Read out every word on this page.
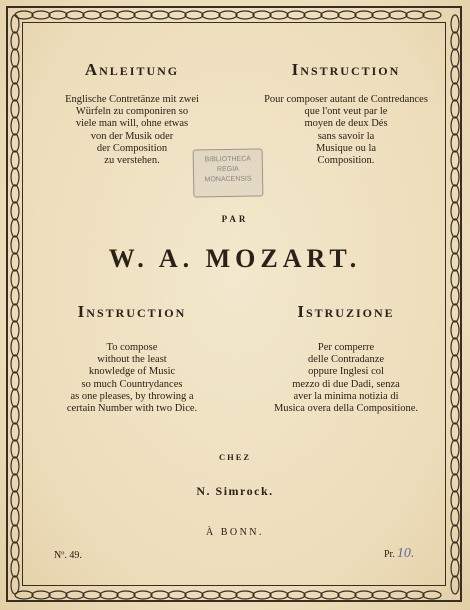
Anleitung
Englische Contretänze mit zwei
Würfeln zu componiren so
viele man will, ohne etwas
von der Musik oder
der Composition
zu verstehen.
Instruction
Pour composer autant de Contredances
que l'ont veut par le
moyen de deux Dés
sans savoir la
Musique ou la
Composition.
BIBLIOTHECA
REGIA
MONACENSIS
PAR
W. A. MOZART.
Instruction
To compose
without the least
knowledge of Music
so much Countrydances
as one pleases, by throwing a
certain Number with two Dice.
Istruzione
Per comperre
delle Contradanze
oppure Inglesi col
mezzo di due Dadi, senza
aver la minima notizia di
Musica overa della Compositione.
CHEZ
N. Simrock.
À BONN.
Nº. 49.	Pr. 10.
